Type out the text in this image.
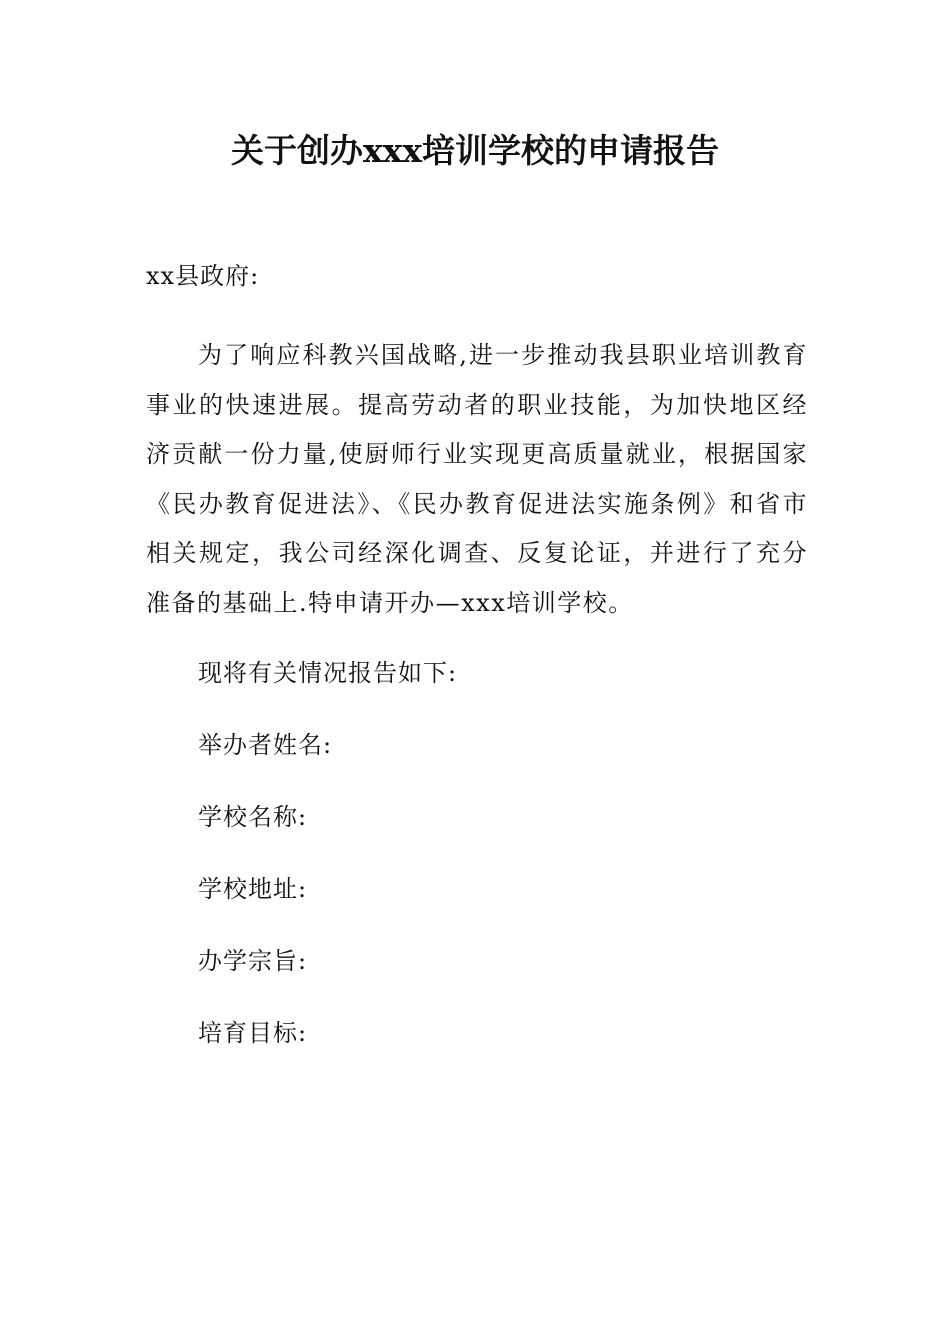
关于创办xxx培训学校的申请报告
xx县政府:
为了响应科教兴国战略,进一步推动我县职业培训教育事业的快速进展。提高劳动者的职业技能，为加快地区经济贡献一份力量,使厨师行业实现更高质量就业，根据国家《民办教育促进法》、《民办教育促进法实施条例》和省市相关规定，我公司经深化调查、反复论证，并进行了充分准备的基础上.特申请开办—xxx培训学校。
现将有关情况报告如下:
举办者姓名:
学校名称:
学校地址:
办学宗旨:
培育目标:
